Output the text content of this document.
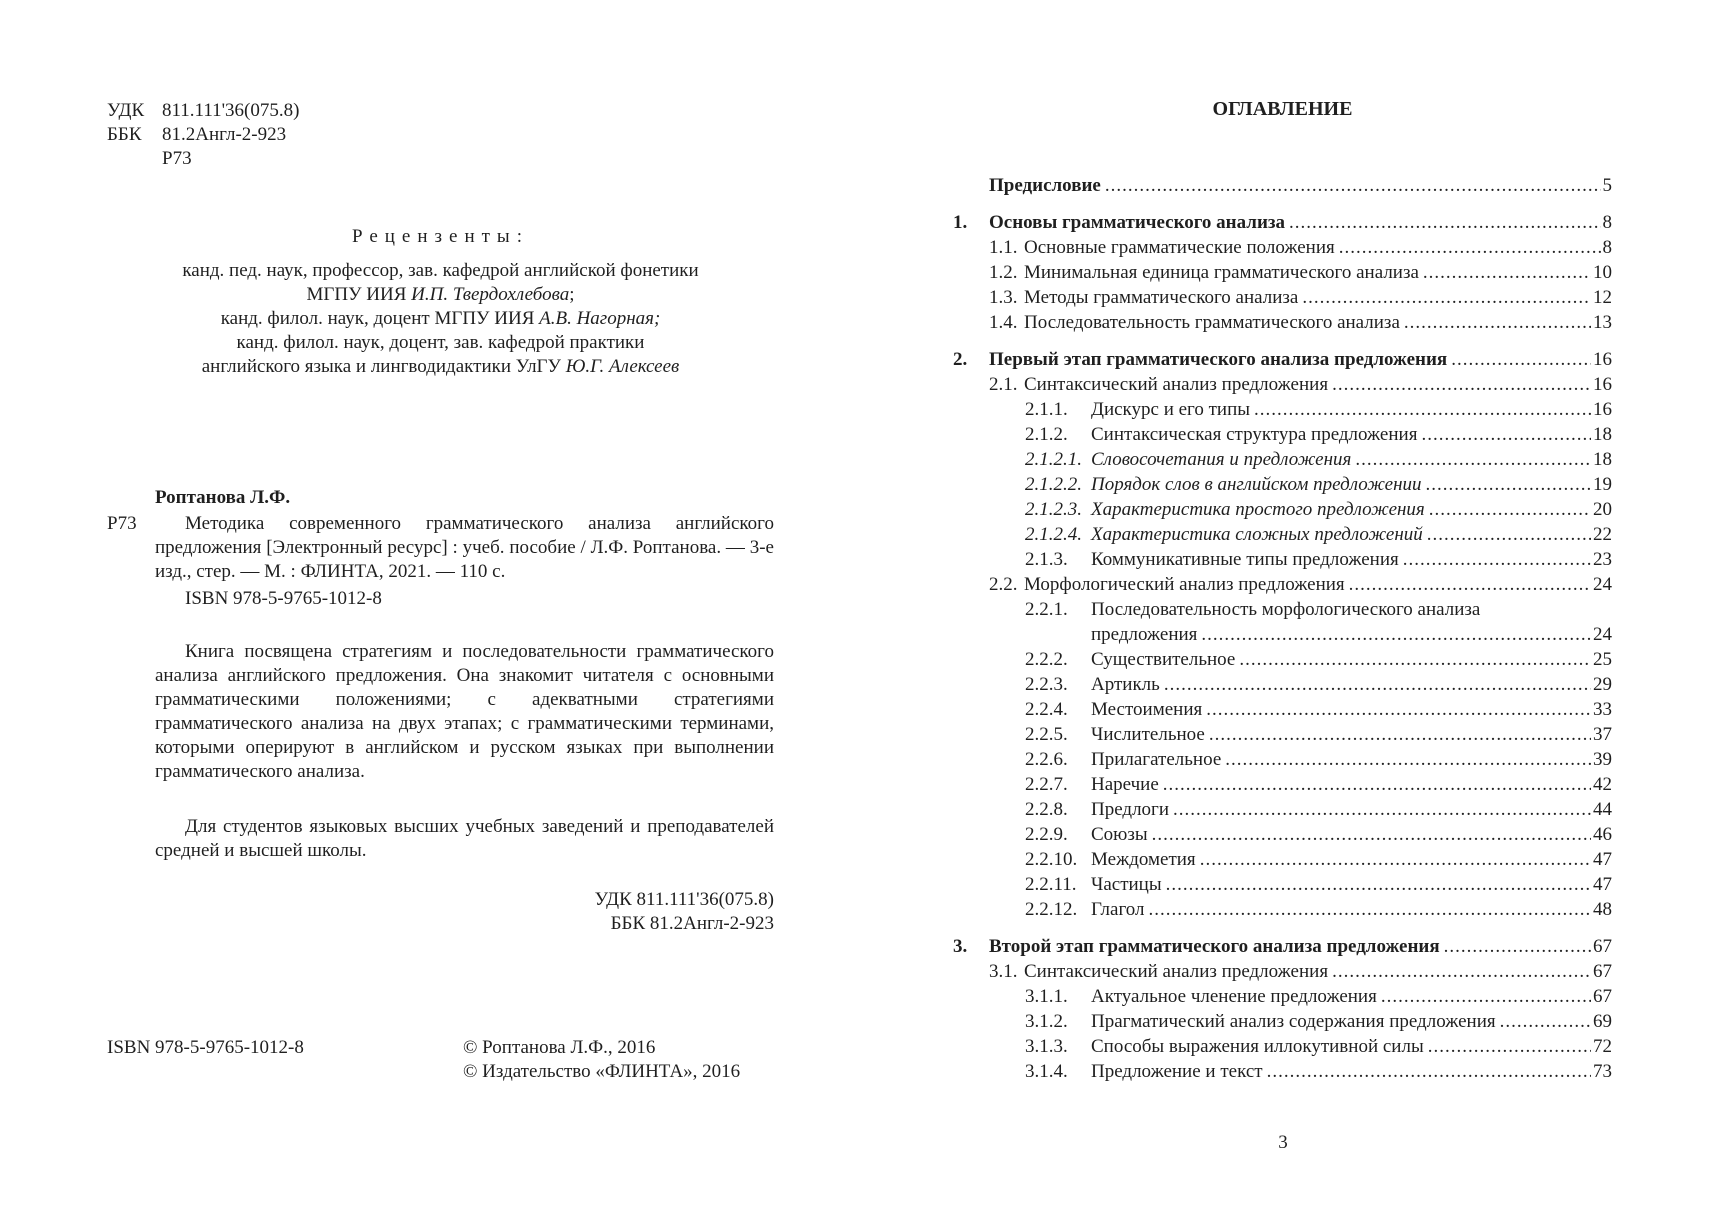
УДК 811.111'36(075.8)
ББК	81.2Англ-2-923
Р73
Рецензенты:
канд. пед. наук, профессор, зав. кафедрой английской фонетики
МГПУ ИИЯ И.П. Твердохлебова;
канд. филол. наук, доцент МГПУ ИИЯ А.В. Нагорная;
канд. филол. наук, доцент, зав. кафедрой практики
английского языка и лингводидактики УлГУ Ю.Г. Алексеев
Роптанова Л.Ф.
Р73	Методика современного грамматического анализа английского предложения [Электронный ресурс] : учеб. пособие / Л.Ф. Роптанова. — 3-е изд., стер. — М. : ФЛИНТА, 2021. — 110 с.
ISBN 978-5-9765-1012-8
Книга посвящена стратегиям и последовательности грамматического анализа английского предложения. Она знакомит читателя с основными грамматическими положениями; с адекватными стратегиями грамматического анализа на двух этапах; с грамматическими терминами, которыми оперируют в английском и русском языках при выполнении грамматического анализа.
Для студентов языковых высших учебных заведений и преподавателей средней и высшей школы.
УДК 811.111'36(075.8)
ББК 81.2Англ-2-923
ISBN 978-5-9765-1012-8	© Роптанова Л.Ф., 2016
© Издательство «ФЛИНТА», 2016
ОГЛАВЛЕНИЕ
Предисловие .....	5
1.	Основы грамматического анализа .....	8
1.1. Основные грамматические положения .....	8
1.2. Минимальная единица грамматического анализа .....	10
1.3. Методы грамматического анализа .....	12
1.4. Последовательность грамматического анализа .....	13
2.	Первый этап грамматического анализа предложения .....	16
2.1. Синтаксический анализ предложения .....	16
2.1.1.	Дискурс и его типы .....	16
2.1.2.	Синтаксическая структура предложения .....	18
2.1.2.1. Словосочетания и предложения .....	18
2.1.2.2. Порядок слов в английском предложении .....	19
2.1.2.3. Характеристика простого предложения .....	20
2.1.2.4. Характеристика сложных предложений .....	22
2.1.3.	Коммуникативные типы предложения .....	23
2.2. Морфологический анализ предложения .....	24
2.2.1.	Последовательность морфологического анализа
предложения .....	24
2.2.2.	Существительное .....	25
2.2.3.	Артикль .....	29
2.2.4.	Местоимения .....	33
2.2.5.	Числительное .....	37
2.2.6.	Прилагательное .....	39
2.2.7.	Наречие .....	42
2.2.8.	Предлоги .....	44
2.2.9.	Союзы .....	46
2.2.10. Междометия .....	47
2.2.11. Частицы .....	47
2.2.12. Глагол .....	48
3.	Второй этап грамматического анализа предложения .....	67
3.1. Синтаксический анализ предложения .....	67
3.1.1.	Актуальное членение предложения .....	67
3.1.2.	Прагматический анализ содержания предложения .....	69
3.1.3.	Способы выражения иллокутивной силы .....	72
3.1.4.	Предложение и текст .....	73
3
